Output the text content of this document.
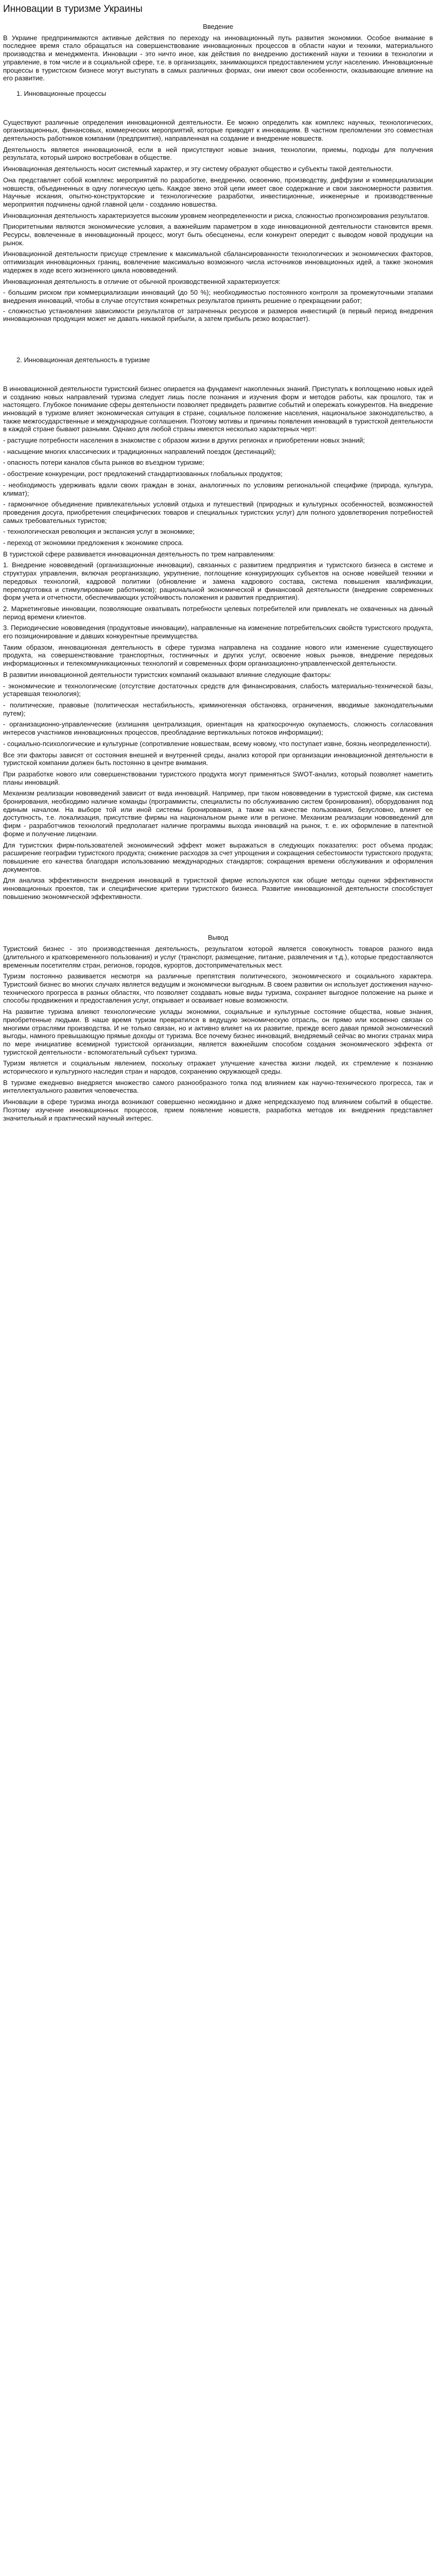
Инновации в туризме Украины
Введение

В Украине предпринимаются активные действия по переходу на инновационный путь развития экономики. Особое внимание в последнее время стало обращаться на совершенствование инновационных процессов в области науки и техники, материального производства и менеджмента. Инновации - это ничто иное, как действия по внедрению достижений науки и техники в технологии и управление, в том числе и в социальной сфере, т.е. в организациях, занимающихся предоставлением услуг населению. Инновационные процессы в туристском бизнесе могут выступать в самых различных формах, они имеют свои особенности, оказывающие влияние на его развитие.

1. Инновационные процессы

Существуют различные определения инновационной деятельности. Ее можно определить как комплекс научных, технологических, организационных, финансовых, коммерческих мероприятий, которые приводят к инновациям. В частном преломлении это совместная деятельность работников компании (предприятия), направленная на создание и внедрение новшеств.

Деятельность является инновационной, если в ней присутствуют новые знания, технологии, приемы, подходы для получения результата, который широко востребован в обществе.

Инновационная деятельность носит системный характер, и эту систему образуют общество и субъекты такой деятельности.

Она представляет собой комплекс мероприятий по разработке, внедрению, освоению, производству, диффузии и коммерциализации новшеств, объединенных в одну логическую цепь. Каждое звено этой цепи имеет свое содержание и свои закономерности развития. Научные искания, опытно-конструкторские и технологические разработки, инвестиционные, инженерные и производственные мероприятия подчинены одной главной цели - созданию новшества.

Инновационная деятельность характеризуется высоким уровнем неопределенности и риска, сложностью прогнозирования результатов.

Приоритетными являются экономические условия, а важнейшим параметром в ходе инновационной деятельности становится время. Ресурсы, вовлеченные в инновационный процесс, могут быть обесценены, если конкурент опередит с выводом новой продукции на рынок.

Инновационной деятельности присуще стремление к максимальной сбалансированности технологических и экономических факторов, оптимизация инновационных границ, вовлечение максимально возможного числа источников инновационных идей, а также экономия издержек в ходе всего жизненного цикла нововведений.

Инновационная деятельность в отличие от обычной производственной характеризуется:

- большим риском при коммерциализации инноваций (до 50 %); необходимостью постоянного контроля за промежуточными этапами внедрения инноваций, чтобы в случае отсутствия конкретных результатов принять решение о прекращении работ;

- сложностью установления зависимости результатов от затраченных ресурсов и размеров инвестиций (в первый период внедрения инновационная продукция может не давать никакой прибыли, а затем прибыль резко возрастает).

2. Инновационная деятельность в туризме

В инновационной деятельности туристский бизнес опирается на фундамент накопленных знаний. Приступать к воплощению новых идей и созданию новых направлений туризма следует лишь после познания и изучения форм и методов работы, как прошлого, так и настоящего. Глубокое понимание сферы деятельности позволяет предвидеть развитие событий и опережать конкурентов. На внедрение инноваций в туризме влияет экономическая ситуация в стране, социальное положение населения, национальное законодательство, а также межгосударственные и международные соглашения. Поэтому мотивы и причины появления инноваций в туристской деятельности в каждой стране бывают разными. Однако для любой страны имеются несколько характерных черт:

- растущие потребности населения в знакомстве с образом жизни в других регионах и приобретении новых знаний;

- насыщение многих классических и традиционных направлений поездок (дестинаций);

- опасность потери каналов сбыта рынков во въездном туризме;

- обострение конкуренции, рост предложений стандартизованных глобальных продуктов;

- необходимость удерживать вдали своих граждан в зонах, аналогичных по условиям региональной специфике (природа, культура, климат);

- гармоничное объединение привлекательных условий отдыха и путешествий (природных и культурных особенностей, возможностей проведения досуга, приобретения специфических товаров и специальных туристских услуг) для полного удовлетворения потребностей самых требовательных туристов;

- технологическая революция и экспансия услуг в экономике;

- переход от экономики предложения к экономике спроса.

В туристской сфере развивается инновационная деятельность по трем направлениям:

1. Внедрение нововведений (организационные инновации), связанных с развитием предприятия и туристского бизнеса в системе и структурах управления, включая реорганизацию, укрупнение, поглощение конкурирующих субъектов на основе новейшей техники и передовых технологий, кадровой политики (обновление и замена кадрового состава, система повышения квалификации, переподготовка и стимулирование работников); рациональной экономической и финансовой деятельности (внедрение современных форм учета и отчетности, обеспечивающих устойчивость положения и развития предприятия).

2. Маркетинговые инновации, позволяющие охватывать потребности целевых потребителей или привлекать не охваченных на данный период времени клиентов.

3. Периодические нововведения (продуктовые инновации), направленные на изменение потребительских свойств туристского продукта, его позиционирование и давших конкурентные преимущества.

Таким образом, инновационная деятельность в сфере туризма направлена на создание нового или изменение существующего продукта, на совершенствование транспортных, гостиничных и других услуг, освоение новых рынков, внедрение передовых информационных и телекоммуникационных технологий и современных форм организационно-управленческой деятельности.

В развитии инновационной деятельности туристских компаний оказывают влияние следующие факторы:

- экономические и технологические (отсутствие достаточных средств для финансирования, слабость материально-технической базы, устаревшая технология);

- политические, правовые (политическая нестабильность, криминогенная обстановка, ограничения, вводимые законодательными путем);

- организационно-управленческие (излишняя централизация, ориентация на краткосрочную окупаемость, сложность согласования интересов участников инновационных процессов, преобладание вертикальных потоков информации);

- социально-психологические и культурные (сопротивление новшествам, всему новому, что поступает извне, боязнь неопределенности).

Все эти факторы зависят от состояния внешней и внутренней среды, анализ которой при организации инновационной деятельности в туристской компании должен быть постоянно в центре внимания.

При разработке нового или совершенствовании туристского продукта могут применяться SWOT-анализ, который позволяет наметить планы инноваций.

Механизм реализации нововведений зависит от вида инноваций. Например, при таком нововведении в туристской фирме, как система бронирования, необходимо наличие команды (программисты, специалисты по обслуживанию систем бронирования), оборудования под единым началом. На выборе той или иной системы бронирования, а также на качестве пользования, безусловно, влияет ее доступность, т.е. локализация, присутствие фирмы на национальном рынке или в регионе. Механизм реализации нововведений для фирм - разработчиков технологий предполагает наличие программы выхода инноваций на рынок, т. е. их оформление в патентной форме и получение лицензии.

Для туристских фирм-пользователей экономический эффект может выражаться в следующих показателях: рост объема продаж; расширение географии туристского продукта; снижение расходов за счет упрощения и сокращения себестоимости туристского продукта; повышение его качества благодаря использованию международных стандартов; сокращения времени обслуживания и оформления документов.

Для анализа эффективности внедрения инноваций в туристской фирме используются как общие методы оценки эффективности инновационных проектов, так и специфические критерии туристского бизнеса. Развитие инновационной деятельности способствует повышению экономической эффективности.

Вывод

Туристский бизнес - это производственная деятельность, результатом которой является совокупность товаров разного вида (длительного и кратковременного пользования) и услуг (транспорт, размещение, питание, развлечения и т.д.), которые предоставляются временным посетителям стран, регионов, городов, курортов, достопримечательных мест.

Туризм постоянно развивается несмотря на различные препятствия политического, экономического и социального характера. Туристский бизнес во многих случаях является ведущим и экономически выгодным. В своем развитии он использует достижения научно-технического прогресса в разных областях, что позволяет создавать новые виды туризма, сохраняет выгодное положение на рынке и способы продвижения и предоставления услуг, открывает и осваивает новые возможности.

На развитие туризма влияют технологические уклады экономики, социальные и культурные состояние общества, новые знания, приобретенные людьми. В наше время туризм превратился в ведущую экономическую отрасль, он прямо или косвенно связан со многими отраслями производства. И не только связан, но и активно влияет на их развитие, прежде всего давая прямой экономический выгоды, намного превышающую прямые доходы от туризма. Все почему бизнес инноваций, внедряемый сейчас во многих странах мира по мере инициативе всемирной туристской организации, является важнейшим способом создания экономического эффекта от туристской деятельности - вспомогательный субъект туризма.

Туризм является и социальным явлением, поскольку отражает улучшение качества жизни людей, их стремление к познанию исторического и культурного наследия стран и народов, сохранению окружающей среды.

В туризме ежедневно внедряется множество самого разнообразного толка под влиянием как научно-технического прогресса, так и интеллектуального развития человечества.

Инновации в сфере туризма иногда возникают совершенно неожиданно и даже непредсказуемо под влиянием событий в обществе. Поэтому изучение инновационных процессов, прием появление новшеств, разработка методов их внедрения представляет значительный и практический научный интерес.
